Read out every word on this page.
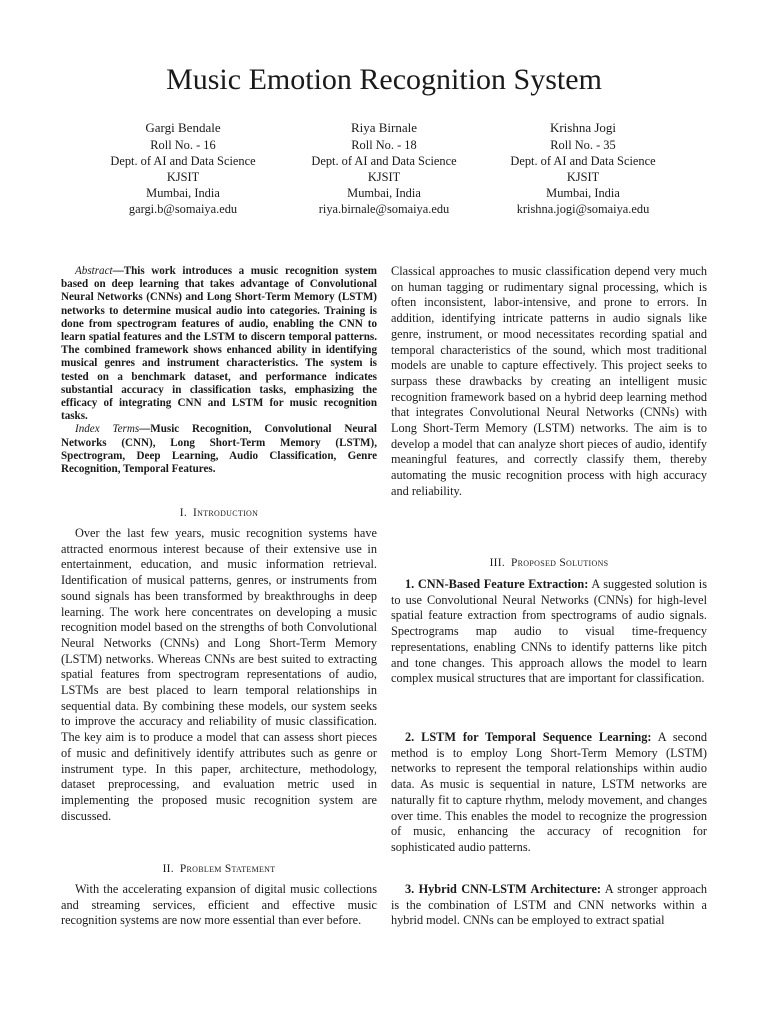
Music Emotion Recognition System
Gargi Bendale
Roll No. - 16
Dept. of AI and Data Science
KJSIT
Mumbai, India
gargi.b@somaiya.edu
Riya Birnale
Roll No. - 18
Dept. of AI and Data Science
KJSIT
Mumbai, India
riya.birnale@somaiya.edu
Krishna Jogi
Roll No. - 35
Dept. of AI and Data Science
KJSIT
Mumbai, India
krishna.jogi@somaiya.edu

Abstract—This work introduces a music recognition system based on deep learning that takes advantage of Convolutional Neural Networks (CNNs) and Long Short-Term Memory (LSTM) networks to determine musical audio into categories. Training is done from spectrogram features of audio, enabling the CNN to learn spatial features and the LSTM to discern temporal patterns. The combined framework shows enhanced ability in identifying musical genres and instrument characteristics. The system is tested on a benchmark dataset, and performance indicates substantial accuracy in classification tasks, emphasizing the efficacy of integrating CNN and LSTM for music recognition tasks.

Index Terms—Music Recognition, Convolutional Neural Networks (CNN), Long Short-Term Memory (LSTM), Spectrogram, Deep Learning, Audio Classification, Genre Recognition, Temporal Features.

I. Introduction

Over the last few years, music recognition systems have attracted enormous interest because of their extensive use in entertainment, education, and music information retrieval. Identification of musical patterns, genres, or instruments from sound signals has been transformed by breakthroughs in deep learning. The work here concentrates on developing a music recognition model based on the strengths of both Convolutional Neural Networks (CNNs) and Long Short-Term Memory (LSTM) networks. Whereas CNNs are best suited to extracting spatial features from spectrogram representations of audio, LSTMs are best placed to learn temporal relationships in sequential data. By combining these models, our system seeks to improve the accuracy and reliability of music classification. The key aim is to produce a model that can assess short pieces of music and definitively identify attributes such as genre or instrument type. In this paper, architecture, methodology, dataset preprocessing, and evaluation metric used in implementing the proposed music recognition system are discussed.

II. Problem Statement

With the accelerating expansion of digital music collections and streaming services, efficient and effective music recognition systems are now more essential than ever before.

Classical approaches to music classification depend very much on human tagging or rudimentary signal processing, which is often inconsistent, labor-intensive, and prone to errors. In addition, identifying intricate patterns in audio signals like genre, instrument, or mood necessitates recording spatial and temporal characteristics of the sound, which most traditional models are unable to capture effectively. This project seeks to surpass these drawbacks by creating an intelligent music recognition framework based on a hybrid deep learning method that integrates Convolutional Neural Networks (CNNs) with Long Short-Term Memory (LSTM) networks. The aim is to develop a model that can analyze short pieces of audio, identify meaningful features, and correctly classify them, thereby automating the music recognition process with high accuracy and reliability.

III. Proposed Solutions

1. CNN-Based Feature Extraction: A suggested solution is to use Convolutional Neural Networks (CNNs) for high-level spatial feature extraction from spectrograms of audio signals. Spectrograms map audio to visual time-frequency representations, enabling CNNs to identify patterns like pitch and tone changes. This approach allows the model to learn complex musical structures that are important for classification.

2. LSTM for Temporal Sequence Learning: A second method is to employ Long Short-Term Memory (LSTM) networks to represent the temporal relationships within audio data. As music is sequential in nature, LSTM networks are naturally fit to capture rhythm, melody movement, and changes over time. This enables the model to recognize the progression of music, enhancing the accuracy of recognition for sophisticated audio patterns.

3. Hybrid CNN-LSTM Architecture: A stronger approach is the combination of LSTM and CNN networks within a hybrid model. CNNs can be employed to extract spatial
